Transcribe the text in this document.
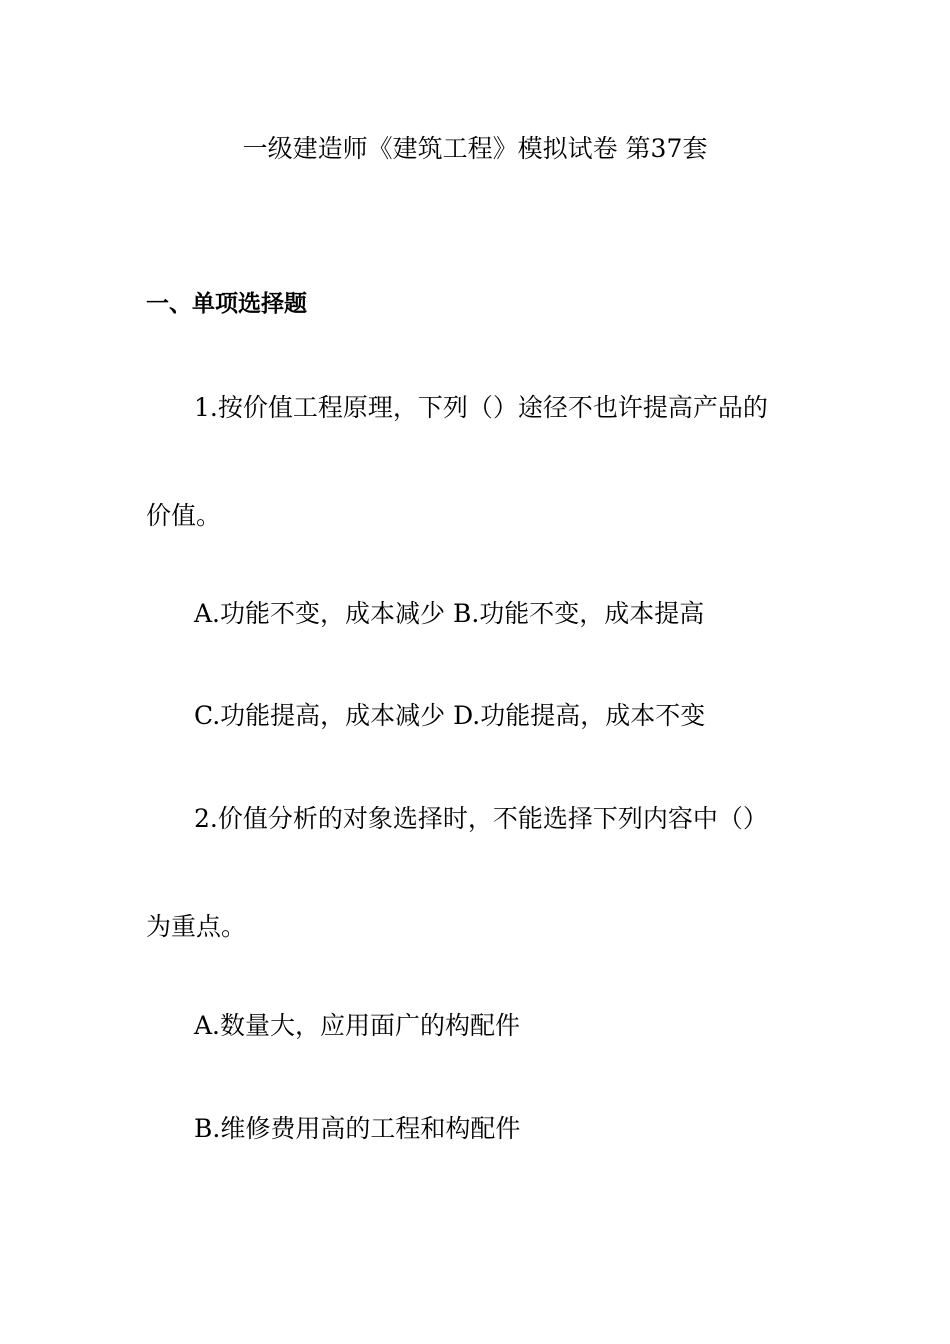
一级建造师《建筑工程》模拟试卷 第37套

一、单项选择题

1.按价值工程原理，下列（）途径不也许提高产品的

价值。

A.功能不变，成本减少 B.功能不变，成本提高

C.功能提高，成本减少 D.功能提高，成本不变

2.价值分析的对象选择时，不能选择下列内容中（）

为重点。

A.数量大，应用面广的构配件

B.维修费用高的工程和构配件
